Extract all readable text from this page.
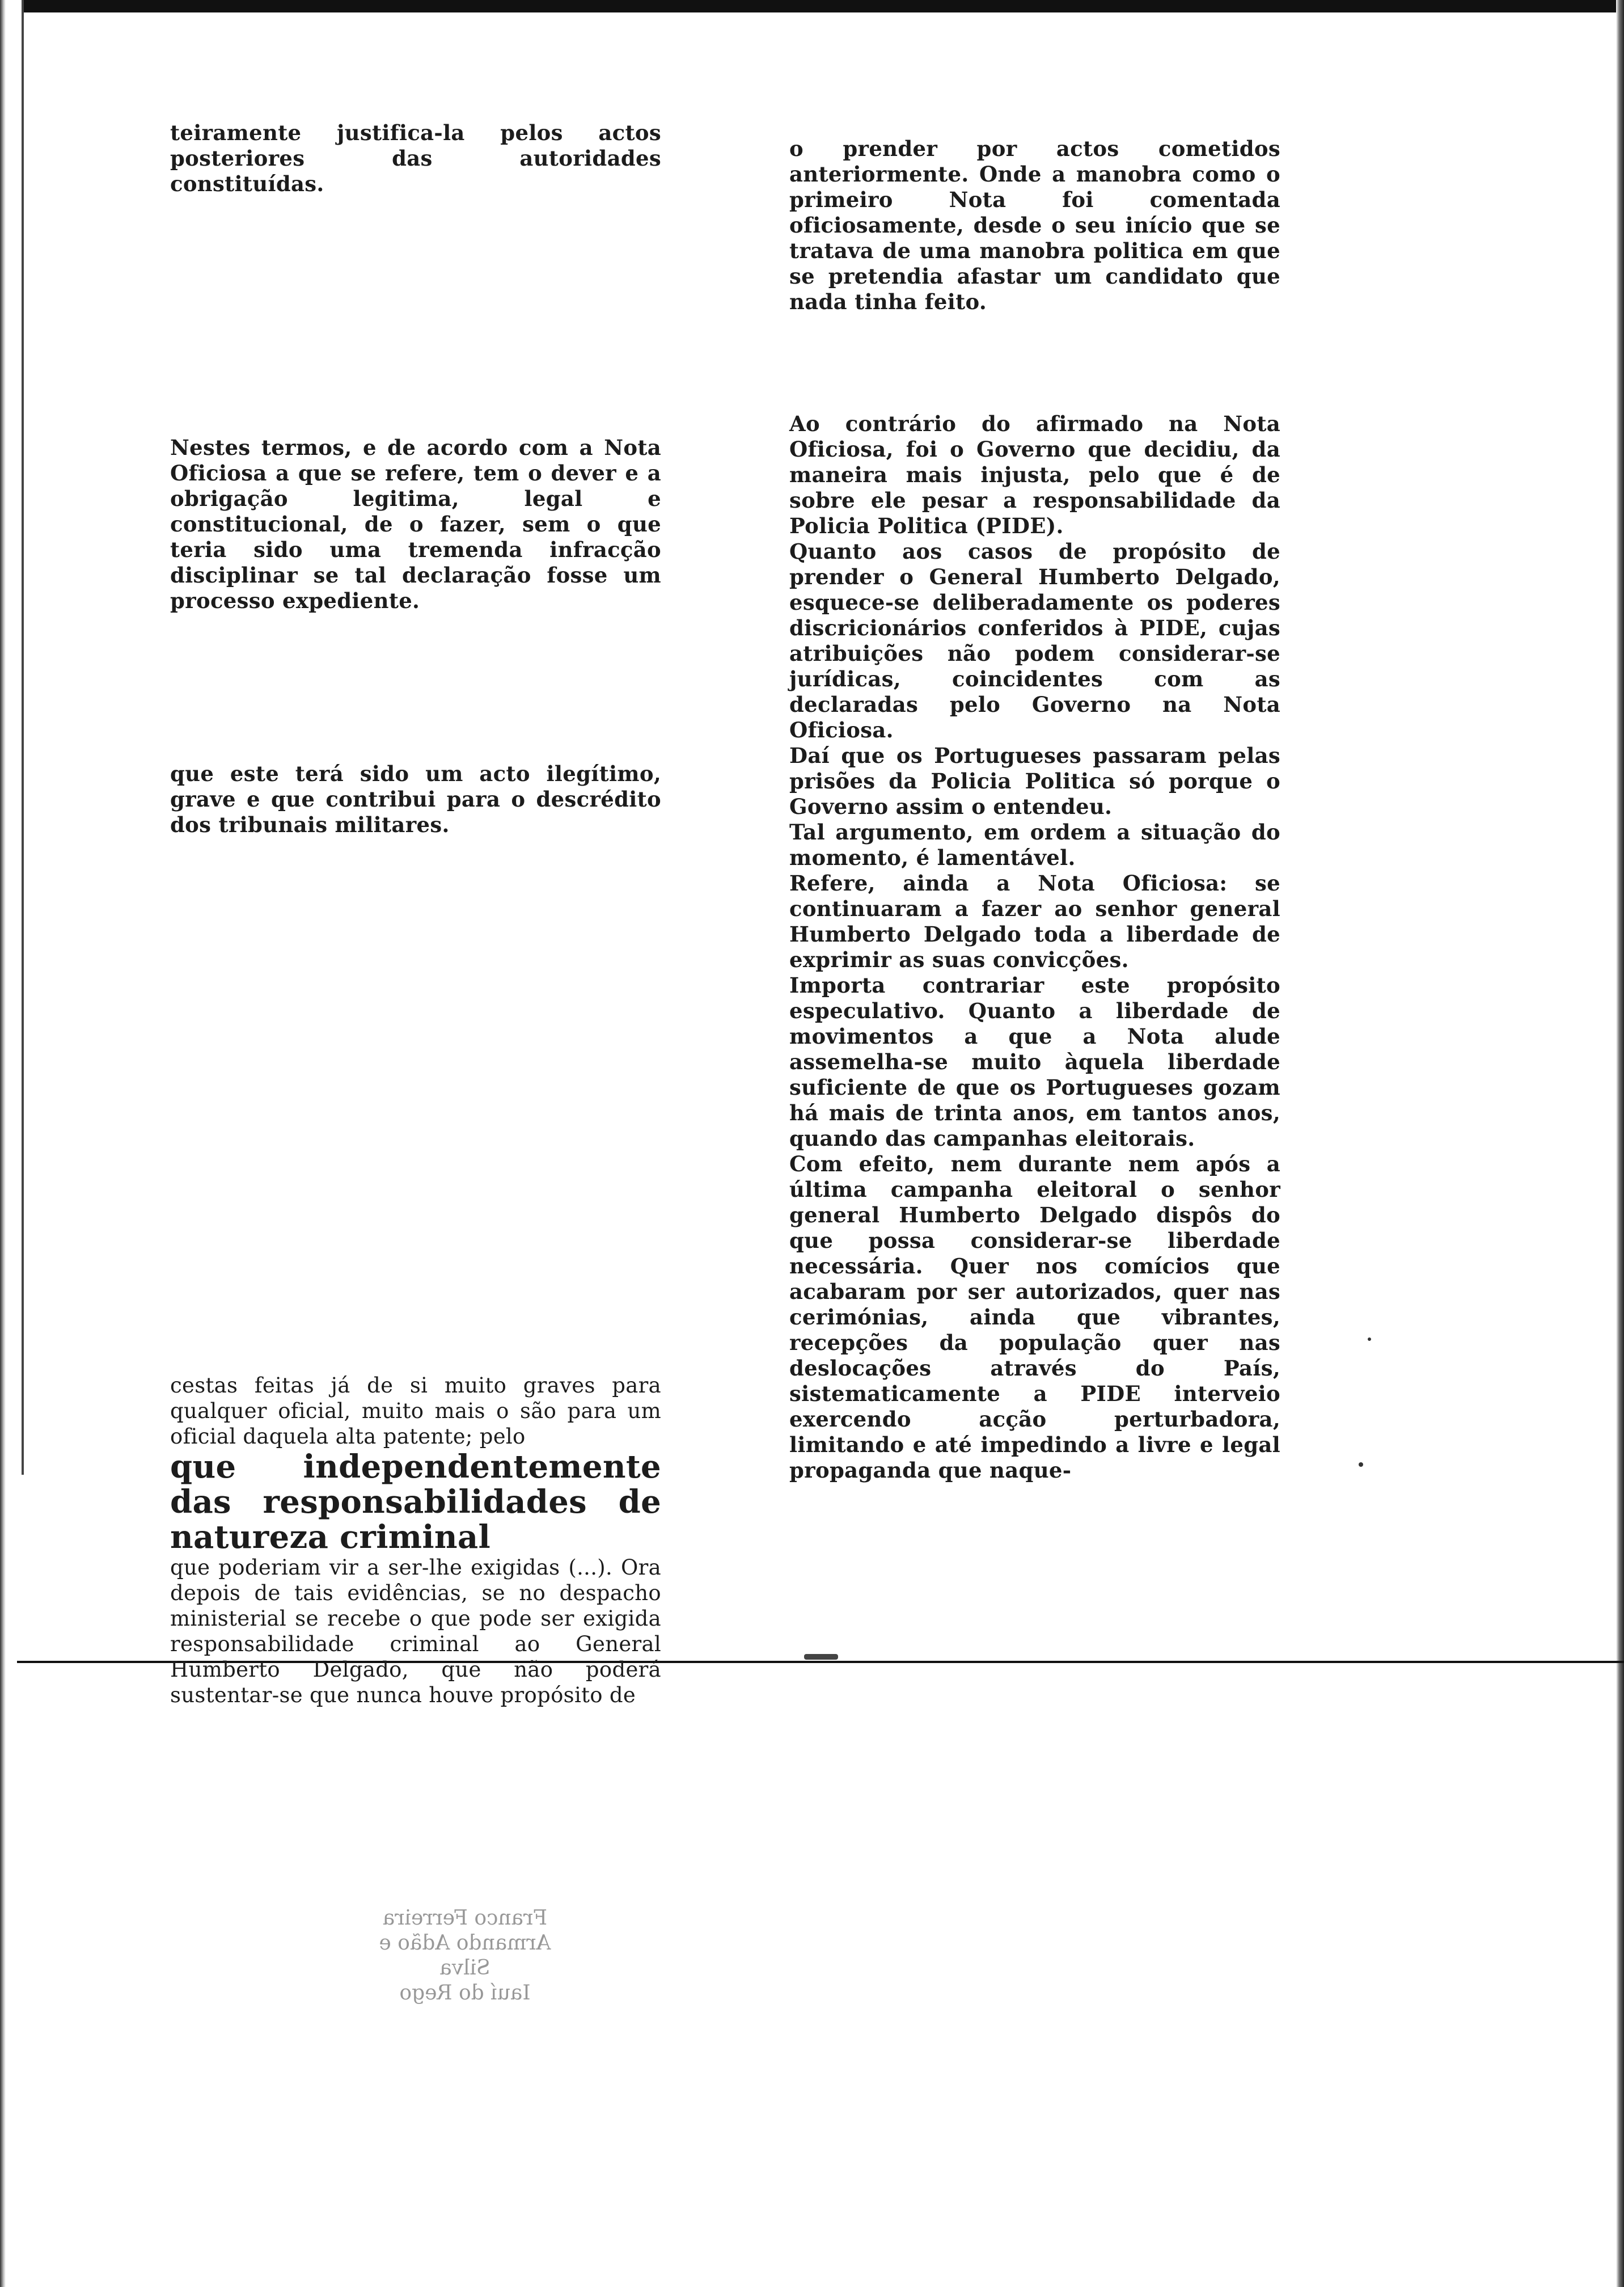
teiramente justifica-la pelos actos posteriores das autoridades constituídas.

Nestes termos, e de acordo com a Nota Oficiosa a que se refere, tem o dever e a obrigação legitima, legal e constitucional, de o fazer, sem o que teria sido uma tremenda infracção disciplinar se tal declaração fosse um processo expediente.

que este terá sido um acto ilegítimo, grave e que contribui para o descrédito dos tribunais militares.

cestas feitas já de si muito graves para qualquer oficial, muito mais o são para um oficial daquela alta patente; pelo

que independentemente das responsabilidades de natureza criminal

que poderiam vir a ser-lhe exigidas (...). Ora depois de tais evidências, se no despacho ministerial se recebe o que pode ser exigida responsabilidade criminal ao General Humberto Delgado, que não poderá sustentar-se que nunca houve propósito de

o prender por actos cometidos anteriormente. Onde a manobra como o primeiro Nota foi comentada oficiosamente, desde o seu início que se tratava de uma manobra politica em que se pretendia afastar um candidato que nada tinha feito.

Ao contrário do afirmado na Nota Oficiosa, foi o Governo que decidiu, da maneira mais injusta, pelo que é de sobre ele pesar a responsabilidade da Policia Politica (PIDE).

Quanto aos casos de propósito de prender o General Humberto Delgado, esquece-se deliberadamente os poderes discricionários conferidos à PIDE, cujas atribuições não podem considerar-se jurídicas, coincidentes com as declaradas pelo Governo na Nota Oficiosa.

Daí que os Portugueses passaram pelas prisões da Policia Politica só porque o Governo assim o entendeu.

Tal argumento, em ordem a situação do momento, é lamentável.

Refere, ainda a Nota Oficiosa: se continuaram a fazer ao senhor general Humberto Delgado toda a liberdade de exprimir as suas convicções.

Importa contrariar este propósito especulativo. Quanto a liberdade de movimentos a que a Nota alude assemelha-se muito àquela liberdade suficiente de que os Portugueses gozam há mais de trinta anos, em tantos anos, quando das campanhas eleitorais.

Com efeito, nem durante nem após a última campanha eleitoral o senhor general Humberto Delgado dispôs do que possa considerar-se liberdade necessária. Quer nos comícios que acabaram por ser autorizados, quer nas cerimónias, ainda que vibrantes, recepções da população quer nas deslocações através do País, sistematicamente a PIDE interveio exercendo acção perturbadora, limitando e até impedindo a livre e legal propaganda que naque-

Franco Ferreira
Armando Adão e Silva
Iauí do Rego
